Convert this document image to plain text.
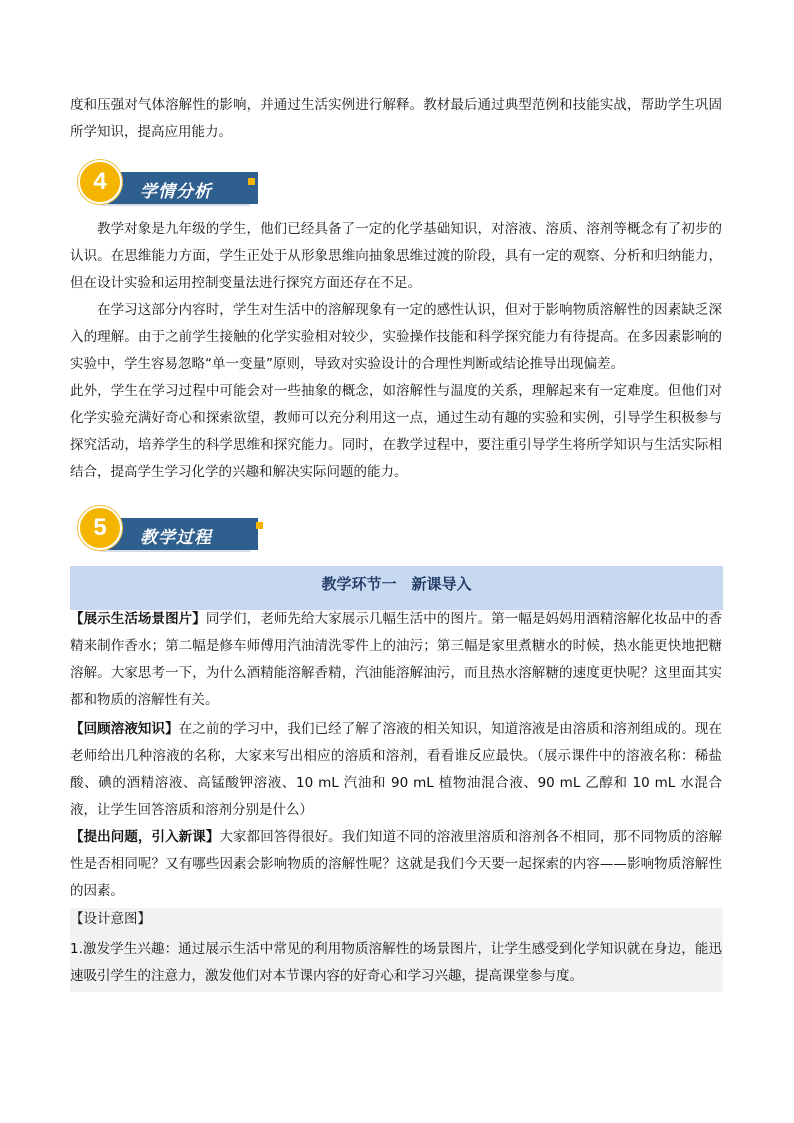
度和压强对气体溶解性的影响，并通过生活实例进行解释。教材最后通过典型范例和技能实战，帮助学生巩固所学知识，提高应用能力。

4	学情分析

教学对象是九年级的学生，他们已经具备了一定的化学基础知识，对溶液、溶质、溶剂等概念有了初步的认识。在思维能力方面，学生正处于从形象思维向抽象思维过渡的阶段，具有一定的观察、分析和归纳能力，但在设计实验和运用控制变量法进行探究方面还存在不足。

在学习这部分内容时，学生对生活中的溶解现象有一定的感性认识，但对于影响物质溶解性的因素缺乏深入的理解。由于之前学生接触的化学实验相对较少，实验操作技能和科学探究能力有待提高。在多因素影响的实验中，学生容易忽略“单一变量”原则，导致对实验设计的合理性判断或结论推导出现偏差。

此外，学生在学习过程中可能会对一些抽象的概念，如溶解性与温度的关系，理解起来有一定难度。但他们对化学实验充满好奇心和探索欲望，教师可以充分利用这一点，通过生动有趣的实验和实例，引导学生积极参与探究活动，培养学生的科学思维和探究能力。同时，在教学过程中，要注重引导学生将所学知识与生活实际相结合，提高学生学习化学的兴趣和解决实际问题的能力。

5	教学过程
教学环节一　新课导入

【展示生活场景图片】同学们，老师先给大家展示几幅生活中的图片。第一幅是妈妈用酒精溶解化妆品中的香精来制作香水；第二幅是修车师傅用汽油清洗零件上的油污；第三幅是家里煮糖水的时候，热水能更快地把糖溶解。大家思考一下，为什么酒精能溶解香精，汽油能溶解油污，而且热水溶解糖的速度更快呢？这里面其实都和物质的溶解性有关。

【回顾溶液知识】在之前的学习中，我们已经了解了溶液的相关知识，知道溶液是由溶质和溶剂组成的。现在老师给出几种溶液的名称，大家来写出相应的溶质和溶剂，看看谁反应最快。（展示课件中的溶液名称：稀盐酸、碘的酒精溶液、高锰酸钾溶液、10 mL 汽油和 90 mL 植物油混合液、90 mL 乙醇和 10 mL 水混合液，让学生回答溶质和溶剂分别是什么）

【提出问题，引入新课】大家都回答得很好。我们知道不同的溶液里溶质和溶剂各不相同，那不同物质的溶解性是否相同呢？又有哪些因素会影响物质的溶解性呢？这就是我们今天要一起探索的内容——影响物质溶解性的因素。

【设计意图】

1.激发学生兴趣：通过展示生活中常见的利用物质溶解性的场景图片，让学生感受到化学知识就在身边，能迅速吸引学生的注意力，激发他们对本节课内容的好奇心和学习兴趣，提高课堂参与度。
